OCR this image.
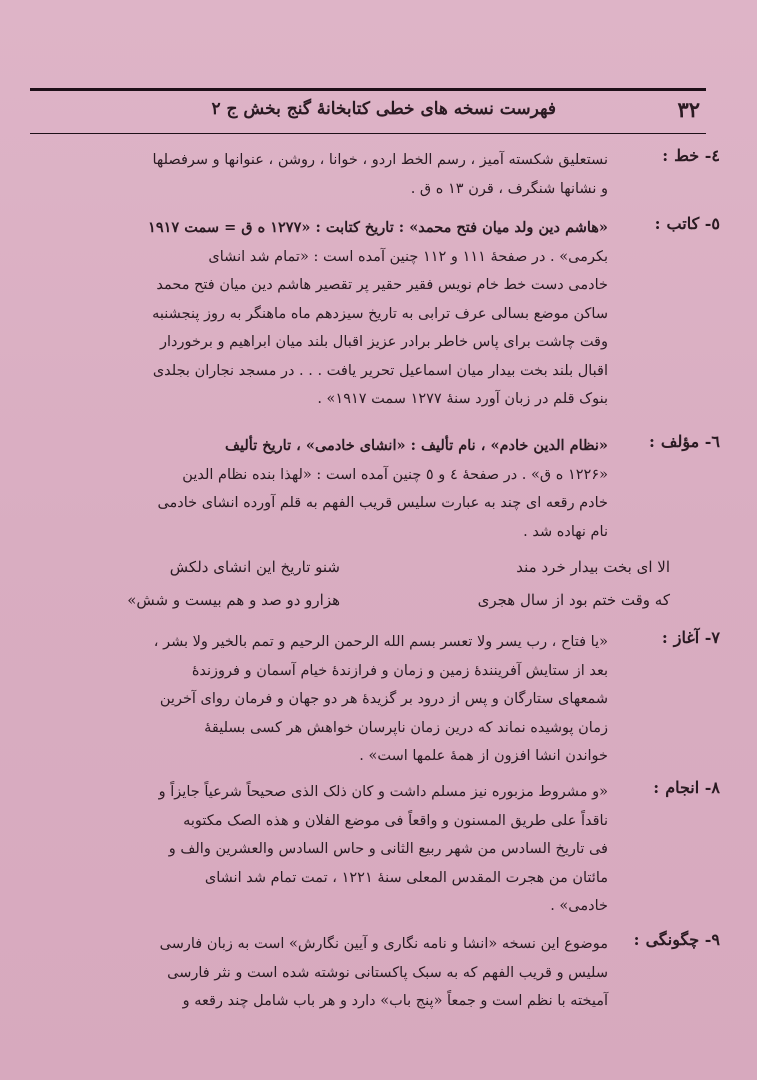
۳۲
فهرست نسخه های خطی کتابخانهٔ گنج بخش ج ۲
٤- خط:
نستعلیق شکسته آمیز ، رسم الخط اردو ، خوانا ، روشن ، عنوانها و سرفصلها
و نشانها شنگرف ، قرن ۱۳ ه ق .
٥- کاتب:
«هاشم دین ولد میان فتح محمد» : تاریخ کتابت : «۱۲۷۷ ه ق = سمت ۱۹۱۷
بکرمی» . در صفحهٔ ۱۱۱ و ۱۱۲ چنین آمده است : «تمام شد انشای
خادمی دست خط خام نویس فقیر حقیر پر تقصیر هاشم دین میان فتح محمد
ساکن موضع بسالی عرف ترابی به تاریخ سیزدهم ماه ماهنگر به روز پنجشنبه
وقت چاشت برای پاس خاطر برادر عزیز اقبال بلند میان ابراهیم و برخوردار
اقبال بلند بخت بیدار میان اسماعیل تحریر یافت . . . در مسجد نجاران بجلدی
بنوک قلم در زبان آورد سنهٔ ۱۲۷۷ سمت ۱۹۱۷» .
٦- مؤلف:
«نظام الدین خادم» ، نام تألیف : «انشای خادمی» ، تاریخ تألیف
«۱۲۲۶ ه ق» . در صفحهٔ ٤ و ٥ چنین آمده است : «لهذا بنده نظام الدین
خادم رقعه ای چند به عبارت سلیس قریب الفهم به قلم آورده انشای خادمی
نام نهاده شد .
الا ای بخت بیدار خرد مند
شنو تاریخ این انشای دلکش
که وقت ختم بود از سال هجری
هزارو دو صد و هم بیست و شش»
٧- آغاز:
«یا فتاح ، رب یسر ولا تعسر بسم الله الرحمن الرحیم و تمم بالخیر ولا بشر ،
بعد از ستایش آفرینندهٔ زمین و زمان و فرازندهٔ خیام آسمان و فروزندهٔ
شمعهای ستارگان و پس از درود بر گزیدهٔ هر دو جهان و فرمان روای آخرین
زمان پوشیده نماند که درین زمان ناپرسان خواهش هر کسی بسلیقهٔ
خواندن انشا افزون از همهٔ علمها است» .
٨- انجام:
«و مشروط مزبوره نیز مسلم داشت و کان ذلک الذی صحیحاً شرعیاً جایزاً و
ناقداً علی طریق المسنون و واقعاً فی موضع الفلان و هذه الصک مکتوبه
فی تاریخ السادس من شهر ربیع الثانی و حاس السادس والعشرین والف و
مائتان من هجرت المقدس المعلی سنهٔ ۱۲۲۱ ، تمت تمام شد انشای
خادمی» .
٩- چگونگی:
موضوع این نسخه «انشا و نامه نگاری و آیین نگارش» است به زبان فارسی
سلیس و قریب الفهم که به سبک پاکستانی نوشته شده است و نثر فارسی
آمیخته با نظم است و جمعاً «پنج باب» دارد و هر باب شامل چند رقعه و
